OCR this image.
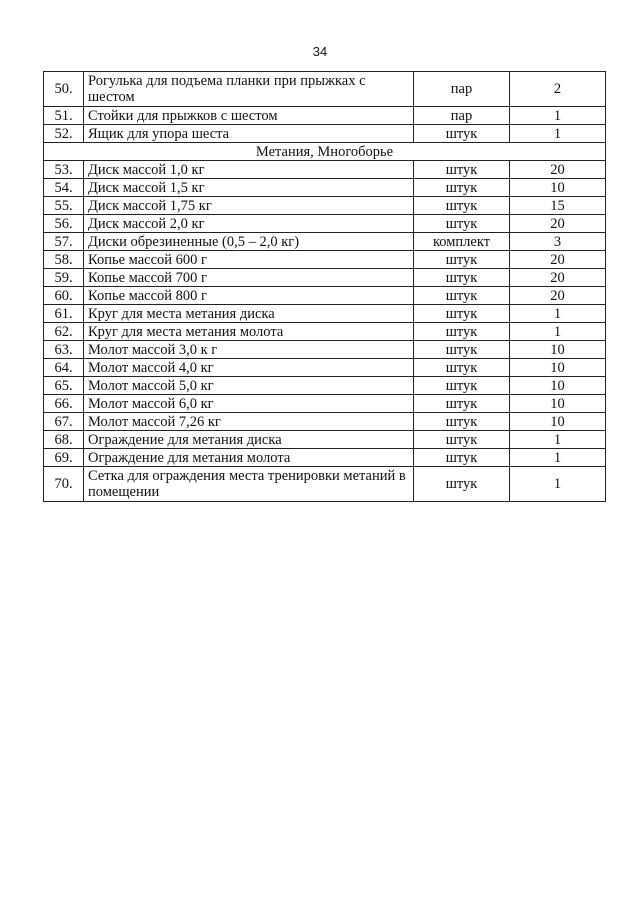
34
50.	Рогулька для подъема планки при прыжках с шестом	пар	2
51.	Стойки для прыжков с шестом	пар	1
52.	Ящик для упора шеста	штук	1
Метания, Многоборье			
53.	Диск массой 1,0 кг	штук	20
54.	Диск массой 1,5 кг	штук	10
55.	Диск массой 1,75 кг	штук	15
56.	Диск массой 2,0 кг	штук	20
57.	Диски обрезиненные (0,5 – 2,0 кг)	комплект	3
58.	Копье массой 600 г	штук	20
59.	Копье массой 700 г	штук	20
60.	Копье массой 800 г	штук	20
61.	Круг для места метания диска	штук	1
62.	Круг для места метания молота	штук	1
63.	Молот массой 3,0 к г	штук	10
64.	Молот массой 4,0 кг	штук	10
65.	Молот массой 5,0 кг	штук	10
66.	Молот массой 6,0 кг	штук	10
67.	Молот массой 7,26 кг	штук	10
68.	Ограждение для метания диска	штук	1
69.	Ограждение для метания молота	штук	1
70.	Сетка для ограждения места тренировки метаний в помещении	штук	1
